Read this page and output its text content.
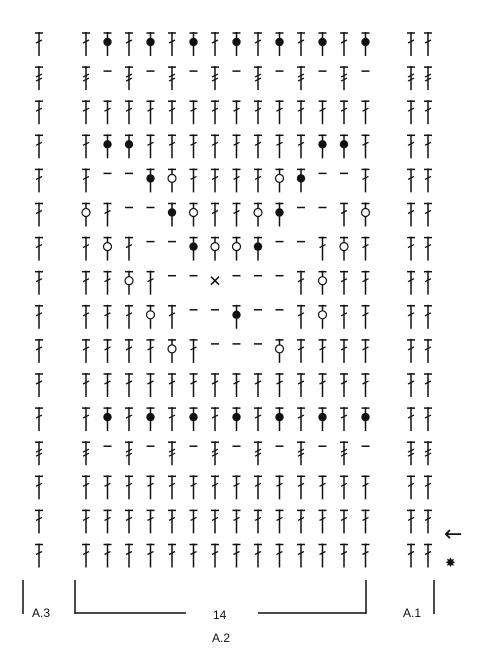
A.3	14
A.2
A.1
←
✸
